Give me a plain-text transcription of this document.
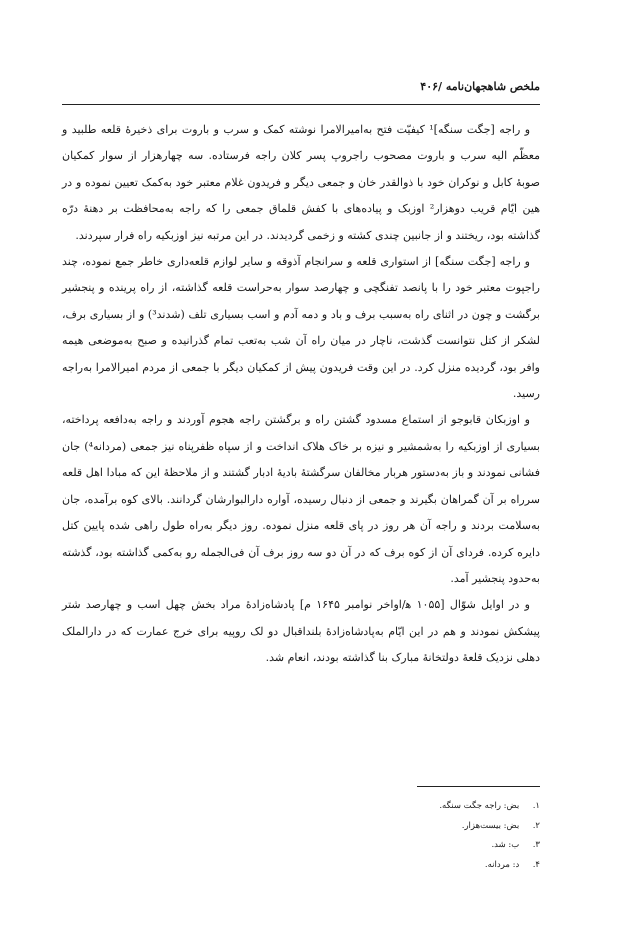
ملخص شاهجهان‌نامه /۴۰۶

و راجه [جگت سنگه]¹ کیفیّت فتح به‌امیرالامرا نوشته کمک و سرب و باروت برای ذخیرهٔ قلعه طلبید و معظّم الیه سرب و باروت مصحوب راجروپ پسر کلان راجه فرستاده. سه چهارهزار از سوار کمکیان صوبهٔ کابل و نوکران خود با ذوالقدر خان و جمعی دیگر و فریدون غلام معتبر خود به‌کمک تعیین نموده و در هین ایّام قریب دوهزار² اوزبک و پیاده‌های با کفش قلماق جمعی را که راجه به‌محافظت بر دهنهٔ درّه گذاشته بود، ریختند و از جانبین چندی کشته و زخمی گردیدند. در این مرتبه نیز اوزبکیه راه فرار سپردند.

و راجه [جگت سنگه] از استواری قلعه و سرانجام آذوقه و سایر لوازم قلعه‌داری خاطر جمع نموده، چند راجپوت معتبر خود را با پانصد تفنگچی و چهارصد سوار به‌حراست قلعه گذاشته، از راه پرینده و پنجشیر برگشت و چون در اثنای راه به‌سبب برف و باد و دمه آدم و اسب بسیاری تلف (شدند³) و از بسیاری برف، لشکر از کتل نتوانست گذشت، ناچار در میان راه آن شب به‌تعب تمام گذرانیده و صبح به‌موضعی هیمه وافر بود، گردیده منزل کرد. در این وقت فریدون پیش از کمکیان دیگر با جمعی از مردم امیرالامرا به‌راجه رسید.

و اوزبکان قابوجو از استماع مسدود گشتن راه و برگشتن راجه هجوم آوردند و راجه به‌دافعه پرداخته، بسیاری از اوزبکیه را به‌شمشیر و نیزه بر خاک هلاک انداخت و از سپاه ظفرپناه نیز جمعی (مردانه⁴) جان فشانی نمودند و باز به‌دستور هربار مخالفان سرگشتهٔ بادیهٔ ادبار گشتند و از ملاحظهٔ این که مبادا اهل قلعه سرراه بر آن گمراهان بگیرند و جمعی از دنبال رسیده، آواره دارالبوارشان گردانند. بالای کوه برآمده، جان به‌سلامت بردند و راجه آن هر روز در پای قلعه منزل نموده. روز دیگر به‌راه طول راهی شده پایین کتل دایره کرده. فردای آن از کوه برف که در آن دو سه روز برف آن فی‌الجمله رو به‌کمی گذاشته بود، گذشته به‌حدود پنجشیر آمد.

و در اوایل شوّال [۱۰۵۵ ﻫ/اواخر نوامبر ۱۶۴۵ م] پادشاه‌زادهٔ مراد بخش چهل اسب و چهارصد شتر پیشکش نمودند و هم در این ایّام به‌پادشاه‌زادهٔ بلنداقبال دو لک روپیه برای خرج عمارت که در دارالملک دهلی نزدیک قلعهٔ دولتخانهٔ مبارک بنا گذاشته بودند، انعام شد.

۱. بض: راجه جگت سنگه.
۲. بض: بیست‌هزار.
۳. ب: شد.
۴. د: مردانه.
